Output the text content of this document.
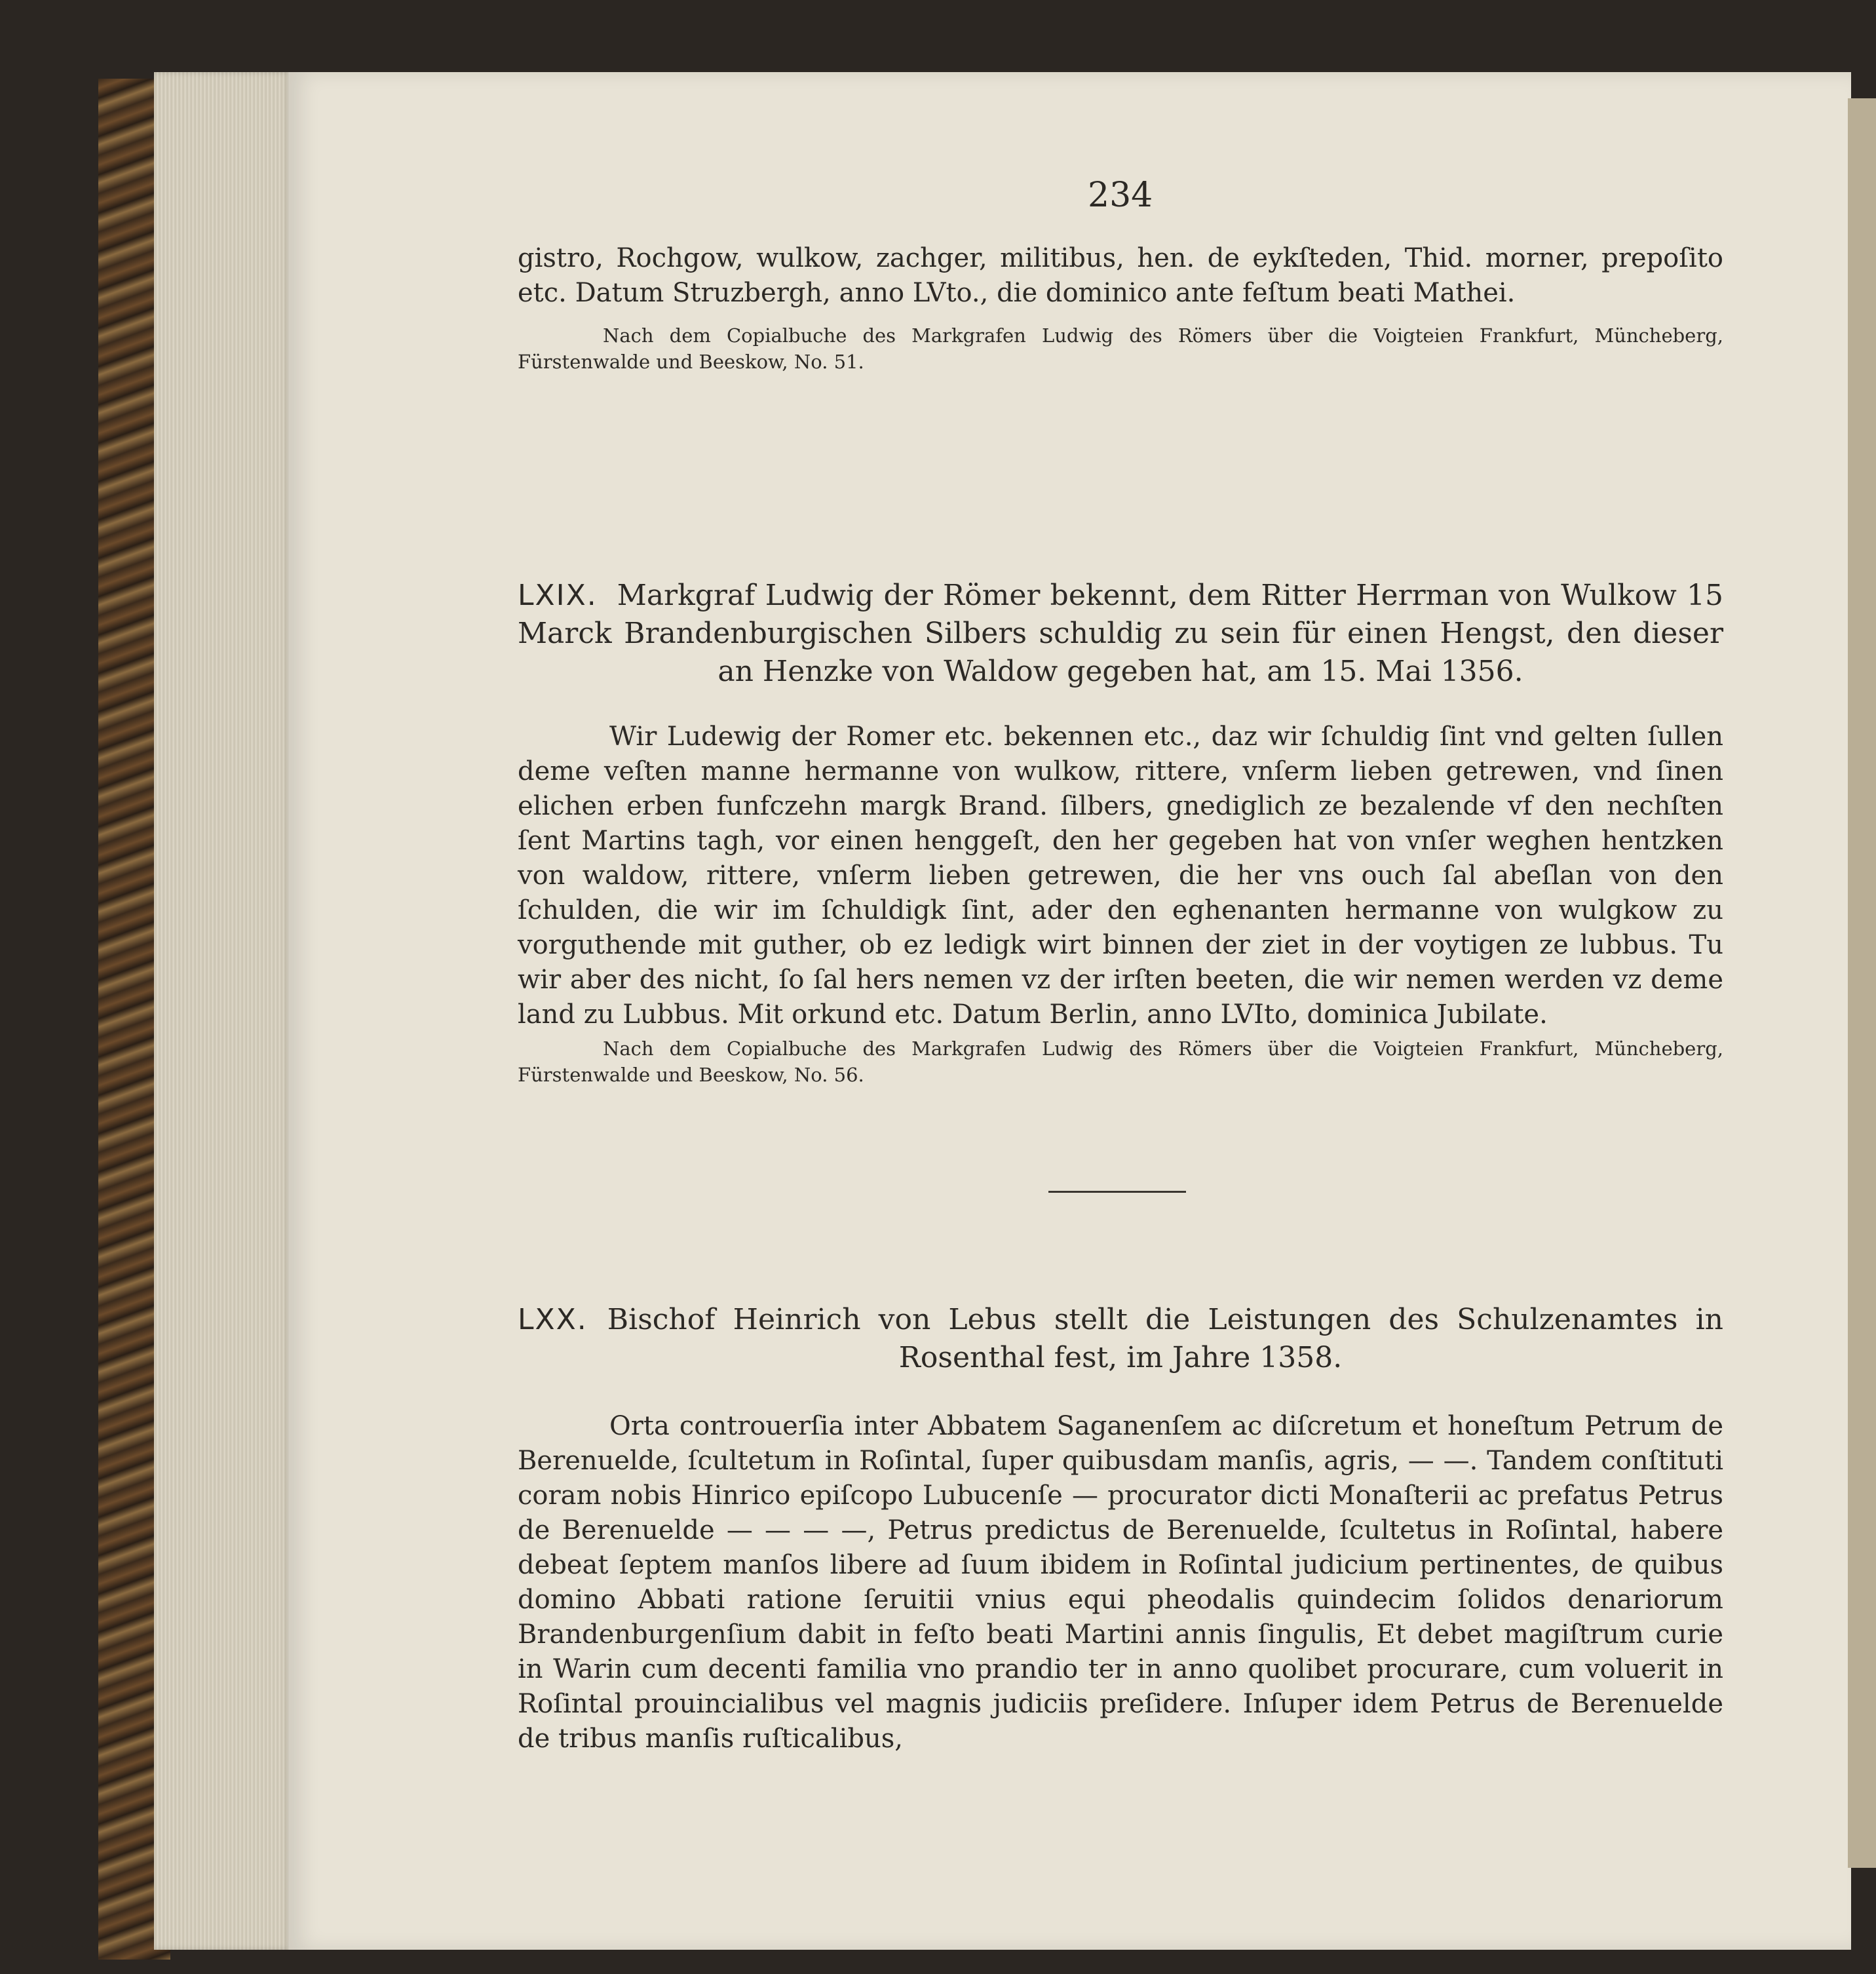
234

gistro, Rochgow, wulkow, zachger, militibus, hen. de eykſteden, Thid. morner, prepoſito etc. Datum Struzbergh, anno LVto., die dominico ante feſtum beati Mathei.

Nach dem Copialbuche des Markgrafen Ludwig des Römers über die Voigteien Frankfurt, Müncheberg, Fürstenwalde und Beeskow, No. 51.

LXIX. Markgraf Ludwig der Römer bekennt, dem Ritter Herrman von Wulkow 15 Marck Brandenburgischen Silbers schuldig zu sein für einen Hengst, den dieser an Henzke von Waldow gegeben hat, am 15. Mai 1356.

Wir Ludewig der Romer etc. bekennen etc., daz wir ſchuldig ſint vnd gelten ſullen deme veſten manne hermanne von wulkow, rittere, vnſerm lieben getrewen, vnd ſinen elichen erben funfczehn margk Brand. ſilbers, gnediglich ze bezalende vf den nechſten ſent Martins tagh, vor einen henggeſt, den her gegeben hat von vnſer weghen hentzken von waldow, rittere, vnſerm lieben getrewen, die her vns ouch ſal abeſlan von den ſchulden, die wir im ſchuldigk ſint, ader den eghenanten hermanne von wulgkow zu vorguthende mit guther, ob ez ledigk wirt binnen der ziet in der voytigen ze lubbus. Tu wir aber des nicht, ſo ſal hers nemen vz der irſten beeten, die wir nemen werden vz deme land zu Lubbus. Mit orkund etc. Datum Berlin, anno LVIto, dominica Jubilate.

Nach dem Copialbuche des Markgrafen Ludwig des Römers über die Voigteien Frankfurt, Müncheberg, Fürstenwalde und Beeskow, No. 56.

LXX. Bischof Heinrich von Lebus stellt die Leistungen des Schulzenamtes in Rosenthal fest, im Jahre 1358.

Orta controuerſia inter Abbatem Saganenſem ac diſcretum et honeſtum Petrum de Berenuelde, ſcultetum in Roſintal, ſuper quibusdam manſis, agris, — —. Tandem conſtituti coram nobis Hinrico epiſcopo Lubucenſe — procurator dicti Monaſterii ac prefatus Petrus de Berenuelde — — — —, Petrus predictus de Berenuelde, ſcultetus in Roſintal, habere debeat ſeptem manſos libere ad ſuum ibidem in Roſintal judicium pertinentes, de quibus domino Abbati ratione ſeruitii vnius equi pheodalis quindecim ſolidos denariorum Brandenburgenſium dabit in feſto beati Martini annis ſingulis, Et debet magiſtrum curie in Warin cum decenti familia vno prandio ter in anno quolibet procurare, cum voluerit in Roſintal prouincialibus vel magnis judiciis preſidere. Inſuper idem Petrus de Berenuelde de tribus manſis ruſticalibus,
